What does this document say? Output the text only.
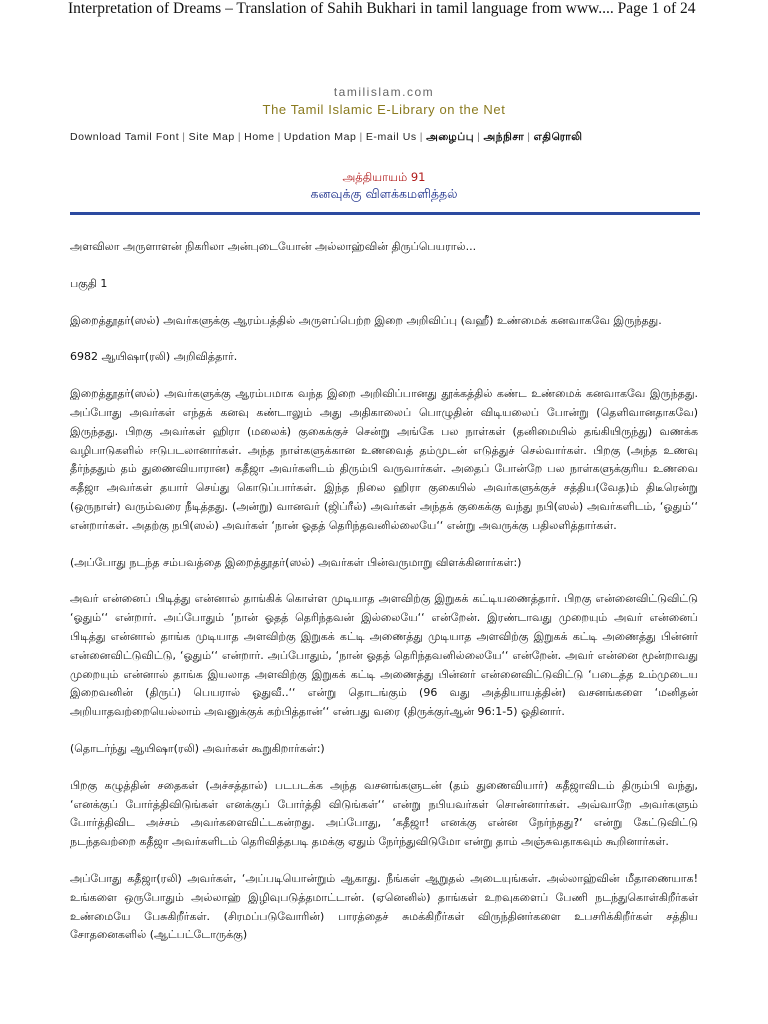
Interpretation of Dreams – Translation of Sahih Bukhari in tamil language from www.... Page 1 of 24
tamilislam.com
The Tamil Islamic E-Library on the Net
Download Tamil Font | Site Map | Home | Updation Map | E-mail Us | அழைப்பு | அந்நிசா | எதிரொலி
அத்தியாயம் 91
கனவுக்கு விளக்கமளித்தல்

அளவிலா அருளாளன் நிகரிலா அன்புடையோன் அல்லாஹ்வின் திருப்பெயரால்...

பகுதி 1

இறைத்தூதர்(ஸல்) அவர்களுக்கு ஆரம்பத்தில் அருளப்பெற்ற இறை அறிவிப்பு (வஹீ) உண்மைக் கனவாகவே இருந்தது.

6982 ஆயிஷா(ரலி) அறிவித்தார்.

இறைத்தூதர்(ஸல்) அவர்களுக்கு ஆரம்பமாக வந்த இறை அறிவிப்பானது தூக்கத்தில் கண்ட உண்மைக் கனவாகவே இருந்தது. அப்போது அவர்கள் எந்தக் கனவு கண்டாலும் அது அதிகாலைப் பொழுதின் விடியலைப் போன்று (தெளிவானதாகவே) இருந்தது. பிறகு அவர்கள் ஹிரா (மலைக்) குகைக்குச் சென்று அங்கே பல நாள்கள் (தனிமையில் தங்கியிருந்து) வணக்க வழிபாடுகளில் ஈடுபடலானார்கள். அந்த நாள்களுக்கான உணவைத் தம்முடன் எடுத்துச் செல்வார்கள். பிறகு (அந்த உணவு தீர்ந்ததும் தம் துணைவியாரான) கதீஜா அவர்களிடம் திரும்பி வருவார்கள். அதைப் போன்றே பல நாள்களுக்குரிய உணவை கதீஜா அவர்கள் தயார் செய்து கொடுப்பார்கள். இந்த நிலை ஹிரா குகையில் அவர்களுக்குச் சத்திய(வேத)ம் திடீரென்று (ஒருநாள்) வரும்வரை நீடித்தது. (அன்று) வானவர் (ஜிப்ரீல்) அவர்கள் அந்தக் குகைக்கு வந்து நபி(ஸல்) அவர்களிடம், ‘ஓதும்‘‘ என்றார்கள். அதற்கு நபி(ஸல்) அவர்கள் ‘நான் ஓதத் தெரிந்தவனில்லையே‘‘ என்று அவருக்கு பதிலளித்தார்கள்.

(அப்போது நடந்த சம்பவத்தை இறைத்தூதர்(ஸல்) அவர்கள் பின்வருமாறு விளக்கினார்கள்:)

அவர் என்னைப் பிடித்து என்னால் தாங்கிக் கொள்ள முடியாத அளவிற்கு இறுகக் கட்டியணைத்தார். பிறகு என்னைவிட்டுவிட்டு ‘ஓதும்‘‘ என்றார். அப்போதும் ‘நான் ஓதத் தெரிந்தவன் இல்லையே‘‘ என்றேன். இரண்டாவது முறையும் அவர் என்னைப் பிடித்து என்னால் தாங்க முடியாத அளவிற்கு இறுகக் கட்டி அணைத்து முடியாத அளவிற்கு இறுகக் கட்டி அணைத்து பின்னர் என்னைவிட்டுவிட்டு, ‘ஓதும்‘‘ என்றார். அப்போதும், ‘நான் ஓதத் தெரிந்தவனில்லையே‘‘ என்றேன். அவர் என்னை மூன்றாவது முறையும் என்னால் தாங்க இயலாத அளவிற்கு இறுகக் கட்டி அணைத்து பின்னர் என்னைவிட்டுவிட்டு ‘படைத்த உம்முடைய இறைவனின் (திருப்) பெயரால் ஓதுவீ..‘‘ என்று தொடங்கும் (96 வது அத்தியாயத்தின்) வசனங்களை ‘மனிதன் அறியாதவற்றையெல்லாம் அவனுக்குக் கற்பித்தான்‘‘ என்பது வரை (திருக்குர்ஆன் 96:1-5) ஓதினார்.

(தொடர்ந்து ஆயிஷா(ரலி) அவர்கள் கூறுகிறார்கள்:)

பிறகு கழுத்தின் சதைகள் (அச்சத்தால்) படபடக்க அந்த வசனங்களுடன் (தம் துணைவியார்) கதீஜாவிடம் திரும்பி வந்து, ‘எனக்குப் போர்த்திவிடுங்கள் எனக்குப் போர்த்தி விடுங்கள்‘‘ என்று நபியவர்கள் சொன்னார்கள். அவ்வாறே அவர்களும் போர்த்திவிட அச்சம் அவர்களைவிட்டகன்றது. அப்போது, ‘கதீஜா! எனக்கு என்ன நேர்ந்தது?‘ என்று கேட்டுவிட்டு நடந்தவற்றை கதீஜா அவர்களிடம் தெரிவித்தபடி தமக்கு ஏதும் நேர்ந்துவிடுமோ என்று தாம் அஞ்சுவதாகவும் கூறினார்கள்.

அப்போது கதீஜா(ரலி) அவர்கள், ‘அப்படியொன்றும் ஆகாது. நீங்கள் ஆறுதல் அடையுங்கள். அல்லாஹ்வின் மீதாணையாக! உங்களை ஒருபோதும் அல்லாஹ் இழிவுபடுத்தமாட்டான். (ஏனெனில்) தாங்கள் உறவுகளைப் பேணி நடந்துகொள்கிறீர்கள் உண்மையே பேசுகிறீர்கள். (சிரமப்படுவோரின்) பாரத்தைச் சுமக்கிறீர்கள் விருந்தினர்களை உபசரிக்கிறீர்கள் சத்திய சோதனைகளில் (ஆட்பட்டோருக்கு)
